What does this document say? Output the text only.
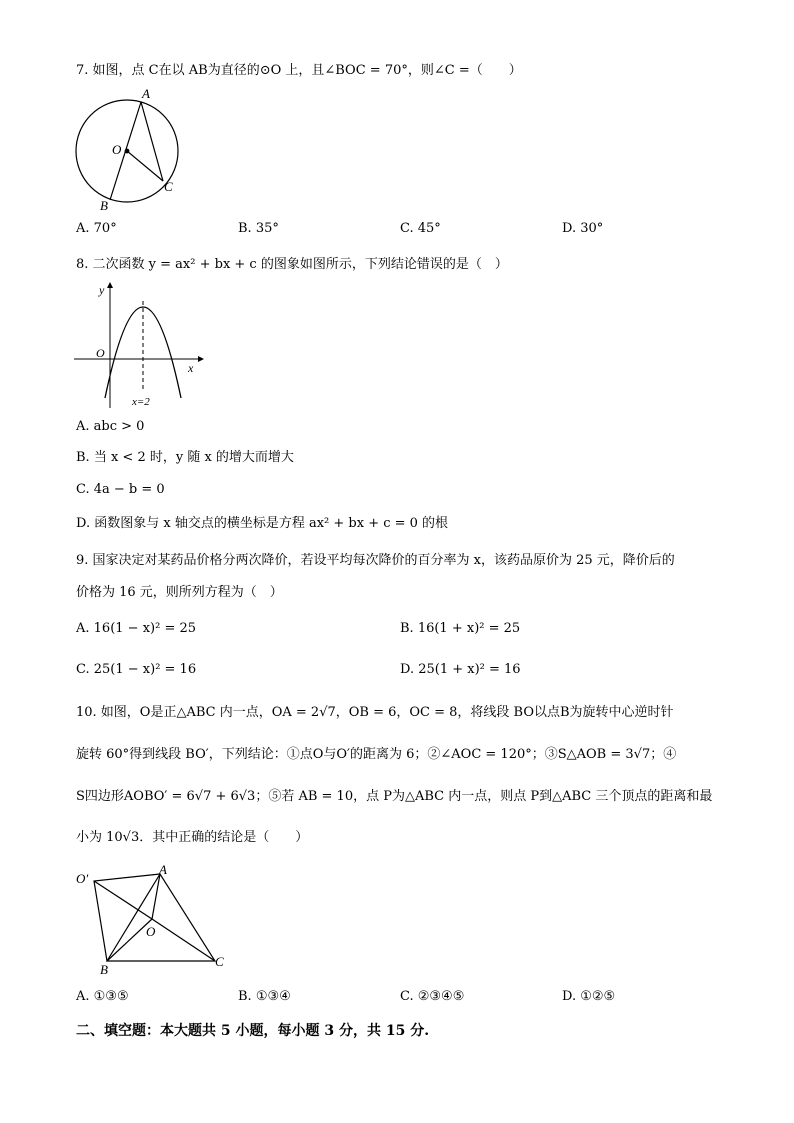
7. 如图，点 C在以 AB为直径的⊙O 上，且∠BOC = 70°，则∠C =（　　）
A
O
B
C
A. 70°	B. 35°	C. 45°	D. 30°
8. 二次函数 y = ax² + bx + c 的图象如图所示，下列结论错误的是（　）
y
x
O
x=2
A. abc > 0
B. 当 x < 2 时，y 随 x 的增大而增大
C. 4a − b = 0
D. 函数图象与 x 轴交点的横坐标是方程 ax² + bx + c = 0 的根
9. 国家决定对某药品价格分两次降价，若设平均每次降价的百分率为 x，该药品原价为 25 元，降价后的
价格为 16 元，则所列方程为（　）
A. 16(1 − x)² = 25	B. 16(1 + x)² = 25
C. 25(1 − x)² = 16	D. 25(1 + x)² = 16
10. 如图，O是正△ABC 内一点，OA = 2√7，OB = 6，OC = 8，将线段 BO以点B为旋转中心逆时针
旋转 60°得到线段 BO′，下列结论：①点O与O′的距离为 6；②∠AOC = 120°；③S△AOB = 3√7；④
S四边形AOBO′ = 6√7 + 6√3；⑤若 AB = 10，点 P为△ABC 内一点，则点 P到△ABC 三个顶点的距离和最
小为 10√3．其中正确的结论是（　　）
A
O′
O
B
C
A. ①③⑤	B. ①③④	C. ②③④⑤	D. ①②⑤
二、填空题：本大题共 5 小题，每小题 3 分，共 15 分.
